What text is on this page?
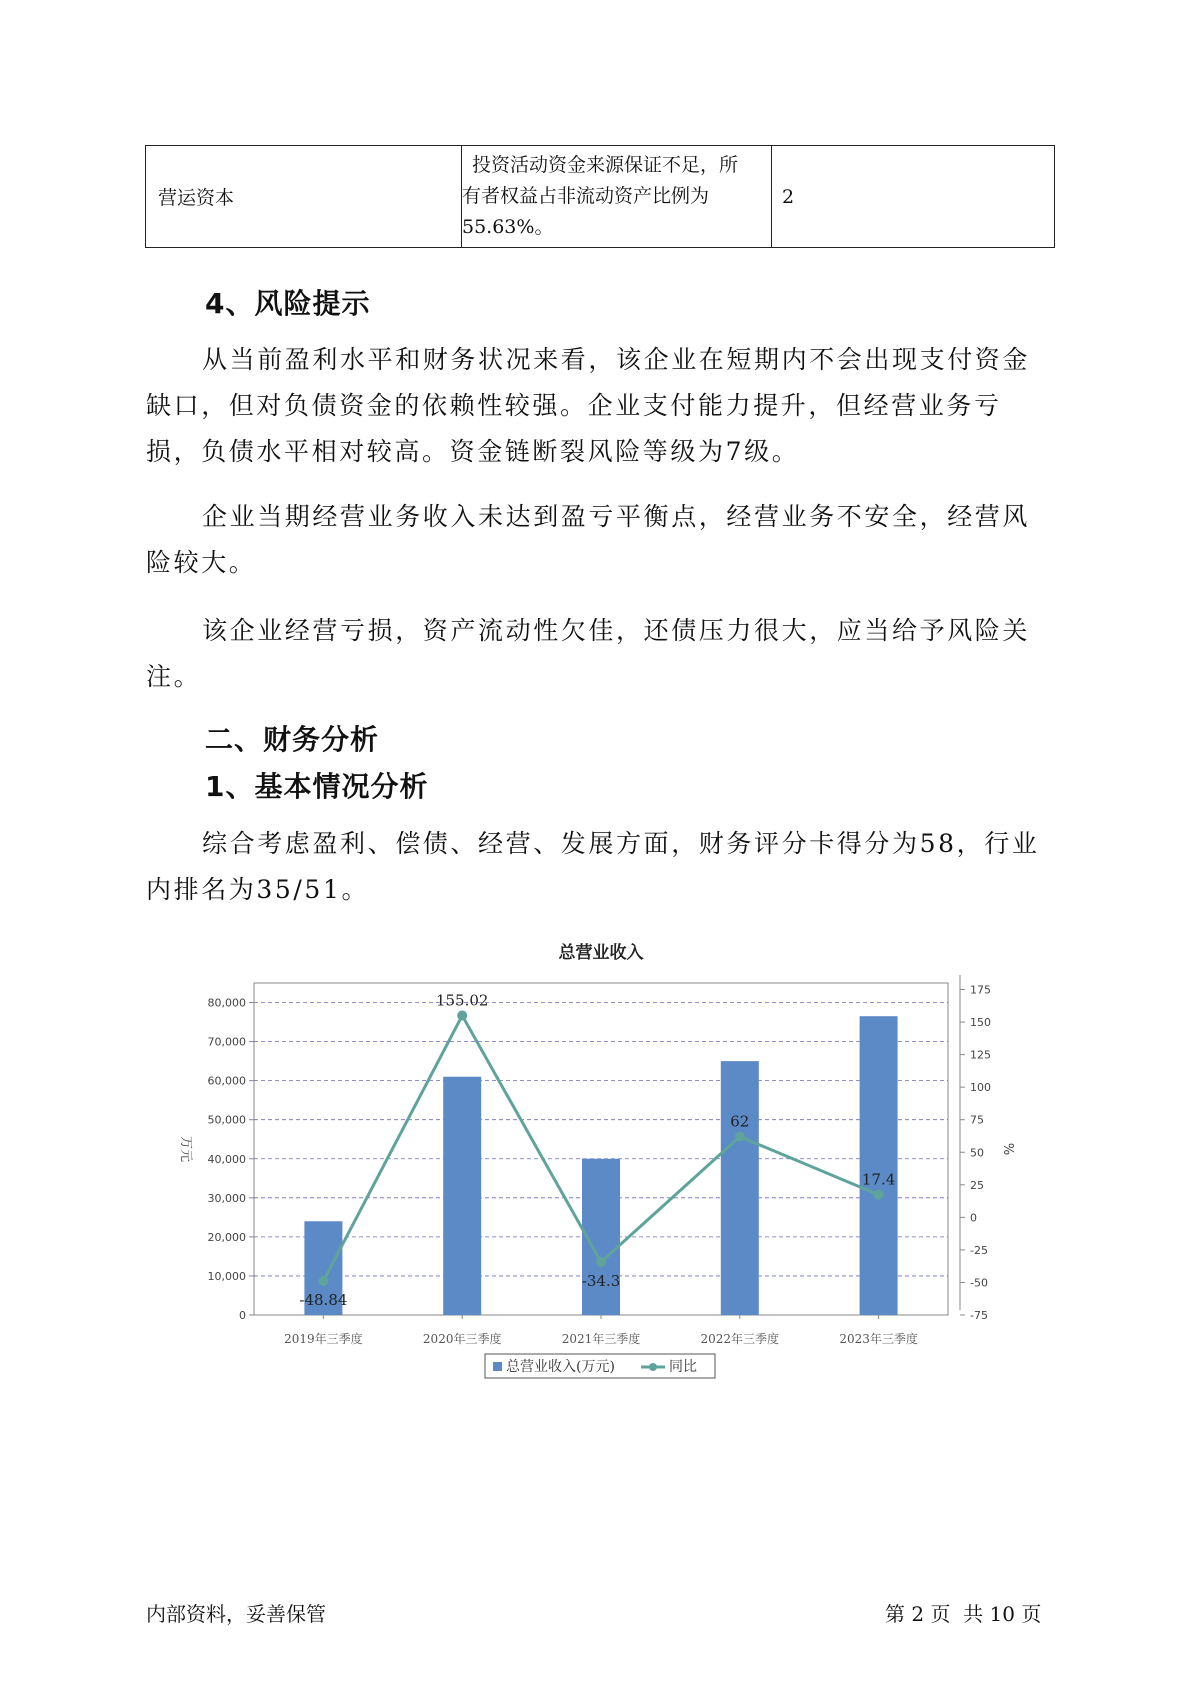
营运资本	投资活动资金来源保证不足，所
有者权益占非流动资产比例为
55.63%。	2
4、风险提示

从当前盈利水平和财务状况来看，该企业在短期内不会出现支付资金缺口，但对负债资金的依赖性较强。企业支付能力提升，但经营业务亏损，负债水平相对较高。资金链断裂风险等级为7级。

企业当期经营业务收入未达到盈亏平衡点，经营业务不安全，经营风险较大。

该企业经营亏损，资产流动性欠佳，还债压力很大，应当给予风险关注。

二、财务分析
1、基本情况分析

综合考虑盈利、偿债、经营、发展方面，财务评分卡得分为58，行业内排名为35/51。

总营业收入
0
10,000
20,000
30,000
40,000
50,000
60,000
70,000
80,000
-75
-50
-25
0
25
50
75
100
125
150
175
万元	%
2019年三季度	2020年三季度	2021年三季度	2022年三季度	2023年三季度
-48.84
155.02
-34.3
62
17.4
总营业收入(万元)	同比
内部资料，妥善保管	第 2 页  共 10 页
